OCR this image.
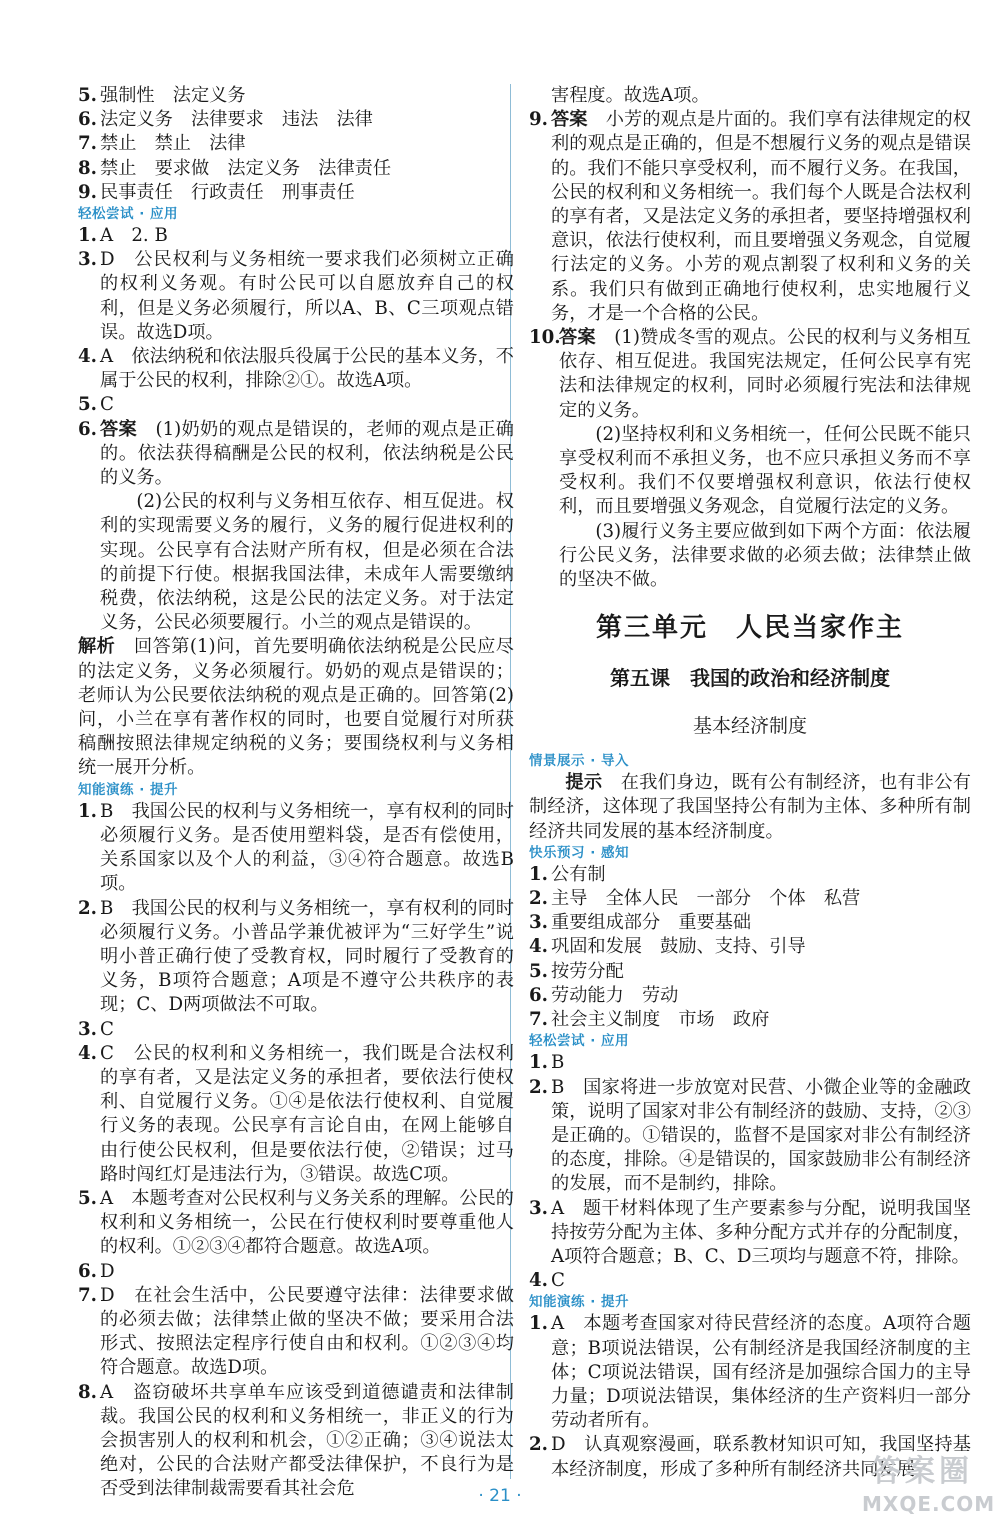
5. 强制性　法定义务
6. 法定义务　法律要求　违法　法律
7. 禁止　禁止　法律
8. 禁止　要求做　法定义务　法律责任
9. 民事责任　行政责任　刑事责任
轻松尝试 · 应用
1. A　2. B
3. D　公民权利与义务相统一要求我们必须树立正确的权利义务观。有时公民可以自愿放弃自己的权利，但是义务必须履行，所以A、B、C三项观点错误。故选D项。
4. A　依法纳税和依法服兵役属于公民的基本义务，不属于公民的权利，排除②①。故选A项。
5. C
6. 答案　 (1)奶奶的观点是错误的，老师的观点是正确的。依法获得稿酬是公民的权利，依法纳税是公民的义务。
(2)公民的权利与义务相互依存、相互促进。权利的实现需要义务的履行，义务的履行促进权利的实现。公民享有合法财产所有权，但是必须在合法的前提下行使。根据我国法律，未成年人需要缴纳税费，依法纳税，这是公民的法定义务。对于法定义务，公民必须要履行。小兰的观点是错误的。
解析　 回答第(1)问，首先要明确依法纳税是公民应尽的法定义务，义务必须履行。奶奶的观点是错误的；老师认为公民要依法纳税的观点是正确的。回答第(2)问，小兰在享有著作权的同时，也要自觉履行对所获稿酬按照法律规定纳税的义务；要围绕权利与义务相统一展开分析。
知能演练 · 提升
1. B　我国公民的权利与义务相统一，享有权利的同时必须履行义务。是否使用塑料袋，是否有偿使用，关系国家以及个人的利益，③④符合题意。故选B项。
2. B　我国公民的权利与义务相统一，享有权利的同时必须履行义务。小普品学兼优被评为“三好学生”说明小普正确行使了受教育权，同时履行了受教育的义务，B项符合题意；A项是不遵守公共秩序的表现；C、D两项做法不可取。
3. C
4. C　公民的权利和义务相统一，我们既是合法权利的享有者，又是法定义务的承担者，要依法行使权利、自觉履行义务。①④是依法行使权利、自觉履行义务的表现。公民享有言论自由，在网上能够自由行使公民权利，但是要依法行使，②错误；过马路时闯红灯是违法行为，③错误。故选C项。
5. A　本题考查对公民权利与义务关系的理解。公民的权利和义务相统一，公民在行使权利时要尊重他人的权利。①②③④都符合题意。故选A项。
6. D
7. D　在社会生活中，公民要遵守法律：法律要求做的必须去做；法律禁止做的坚决不做；要采用合法形式、按照法定程序行使自由和权利。①②③④均符合题意。故选D项。
8. A　盗窃破坏共享单车应该受到道德谴责和法律制裁。我国公民的权利和义务相统一，非正义的行为会损害别人的权利和机会，①②正确；③④说法太绝对，公民的合法财产都受法律保护，不良行为是否受到法律制裁需要看其社会危
害程度。故选A项。
9. 答案　 小芳的观点是片面的。我们享有法律规定的权利的观点是正确的，但是不想履行义务的观点是错误的。我们不能只享受权利，而不履行义务。在我国，公民的权利和义务相统一。我们每个人既是合法权利的享有者，又是法定义务的承担者，要坚持增强权利意识，依法行使权利，而且要增强义务观念，自觉履行法定的义务。小芳的观点割裂了权利和义务的关系。我们只有做到正确地行使权利，忠实地履行义务，才是一个合格的公民。
10.
答案　 (1)赞成冬雪的观点。公民的权利与义务相互依存、相互促进。我国宪法规定，任何公民享有宪法和法律规定的权利，同时必须履行宪法和法律规定的义务。
(2)坚持权利和义务相统一，任何公民既不能只享受权利而不承担义务，也不应只承担义务而不享受权利。我们不仅要增强权利意识，依法行使权利，而且要增强义务观念，自觉履行法定的义务。
(3)履行义务主要应做到如下两个方面：依法履行公民义务，法律要求做的必须去做；法律禁止做的坚决不做。
第三单元　人民当家作主
第五课　我国的政治和经济制度
基本经济制度
情景展示 · 导入
提示　 在我们身边，既有公有制经济，也有非公有制经济，这体现了我国坚持公有制为主体、多种所有制经济共同发展的基本经济制度。
快乐预习 · 感知
1. 公有制
2. 主导　全体人民　一部分　个体　私营
3. 重要组成部分　重要基础
4. 巩固和发展　鼓励、支持、引导
5. 按劳分配
6. 劳动能力　劳动
7. 社会主义制度　市场　政府
轻松尝试 · 应用
1. B
2. B　国家将进一步放宽对民营、小微企业等的金融政策，说明了国家对非公有制经济的鼓励、支持，②③是正确的。①错误的，监督不是国家对非公有制经济的态度，排除。④是错误的，国家鼓励非公有制经济的发展，而不是制约，排除。
3. A　题干材料体现了生产要素参与分配，说明我国坚持按劳分配为主体、多种分配方式并存的分配制度，A项符合题意；B、C、D三项均与题意不符，排除。
4. C
知能演练 · 提升
1. A　本题考查国家对待民营经济的态度。A项符合题意；B项说法错误，公有制经济是我国经济制度的主体；C项说法错误，国有经济是加强综合国力的主导力量；D项说法错误，集体经济的生产资料归一部分劳动者所有。
2. D　认真观察漫画，联系教材知识可知，我国坚持基本经济制度，形成了多种所有制经济共同发展
· 21 ·
答案圈
MXQE.COM
